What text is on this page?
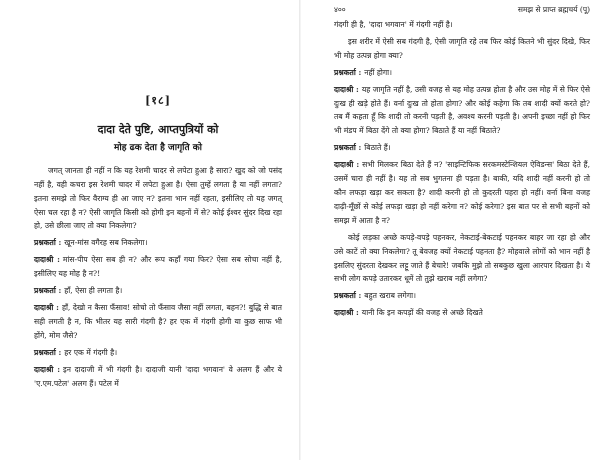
[१८]
दादा देते पुष्टि, आप्तपुत्रियों को
मोह ढक देता है जागृति को
जगत् जानता ही नहीं न कि यह रेशमी चादर से लपेटा हुआ है सारा? खुद को जो पसंद नहीं है, वही कचरा इस रेशमी चादर में लपेटा हुआ है। ऐसा तुम्हें लगता है या नहीं लगता? इतना समझे तो फिर वैराग्य ही आ जाए न? इतना भान नहीं रहता, इसीलिए तो यह जगत् ऐसा चल रहा है न? ऐसी जागृति किसी को होगी इन बहनों में से? कोई ईश्वर सुंदर दिख रहा हो, उसे छीला जाए तो क्या निकलेगा?
प्रश्नकर्ता : खून-मांस वगैरह सब निकलेगा।
दादाश्री : मांस-पीप ऐसा सब ही न? और रूप कहाँ गया फिर? ऐसा सब सोचा नहीं है, इसीलिए यह मोह है न?!
प्रश्नकर्ता : हाँ, ऐसा ही लगता है।
दादाश्री : हाँ, देखो न कैसा फँसाव! सोचो तो फँसाव जैसा नहीं लगता, बहन?! बुद्धि से बात सही लगती है न, कि भीतर यह सारी गंदगी है? हर एक में गंदगी होगी या कुछ साफ भी होंगे, मोम जैसे?
प्रश्नकर्ता : हर एक में गंदगी है।
दादाश्री : इन दादाजी में भी गंदगी है। दादाजी यानी 'दादा भगवान' वे अलग हैं और ये 'ए.एम.पटेल' अलग हैं। पटेल में
४००	समझ से प्राप्त ब्रह्मचर्य (पू)
गंदगी ही है, 'दादा भगवान' में गंदगी नहीं है।
इस शरीर में ऐसी सब गंदगी है, ऐसी जागृति रहे तब फिर कोई कितने भी सुंदर दिखे, फिर भी मोह उत्पन्न होगा क्या?
प्रश्नकर्ता : नहीं होगा।
दादाश्री : यह जागृति नहीं है, उसी वजह से यह मोह उत्पन्न होता है और उस मोह में से फिर ऐसे दुःख ही खड़े होते हैं। वर्ना दुःख तो होता होगा? और कोई कहेगा कि तब शादी क्यों करते हो? तब मैं कहता हूँ कि शादी तो करनी पड़ती है, अवश्य करनी पड़ती है। अपनी इच्छा नहीं हो फिर भी मंडप में बिठा देंगे तो क्या होगा? बिठाते हैं या नहीं बिठाते?
प्रश्नकर्ता : बिठाते हैं।
दादाश्री : सभी मिलकर बिठा देते हैं न? 'साइन्टिफिक सरकमस्टेन्शियल ऐविडन्स' बिठा देते हैं, उसमें चारा ही नहीं है। यह तो सब भुगतना ही पड़ता है। बाकी, यदि शादी नहीं करनी हो तो कौन लफड़ा खड़ा कर सकता है? शादी करनी हो तो कुदरती पहरा हो नहीं। वर्ना बिना वजह दाढ़ी-मूँछों से कोई लफड़ा खड़ा हो नहीं करेगा न? कोई करेगा? इस बात पर से सभी बहनों को समझ में आता है न?
कोई लड़का अच्छे कपड़े-वपड़े पहनकर, नेकटाई-बेकटाई पहनकर बाहर जा रहा हो और उसे काटें तो क्या निकलेगा? तू बेवजह क्यों नेकटाई पहनता है? मोहवाले लोगों को भान नहीं है इसलिए सुंदरता देखकर लट्टू जाते हैं बेचारे! जबकि मुझे तो सबकुछ खुला आरपार दिखता है। ये सभी लोग कपड़े उतारकर धूमें तो तुझे खराब नहीं लगेगा?
प्रश्नकर्ता : बहुत खराब लगेगा।
दादाश्री : यानी कि इन कपड़ों की वजह से अच्छे दिखते
